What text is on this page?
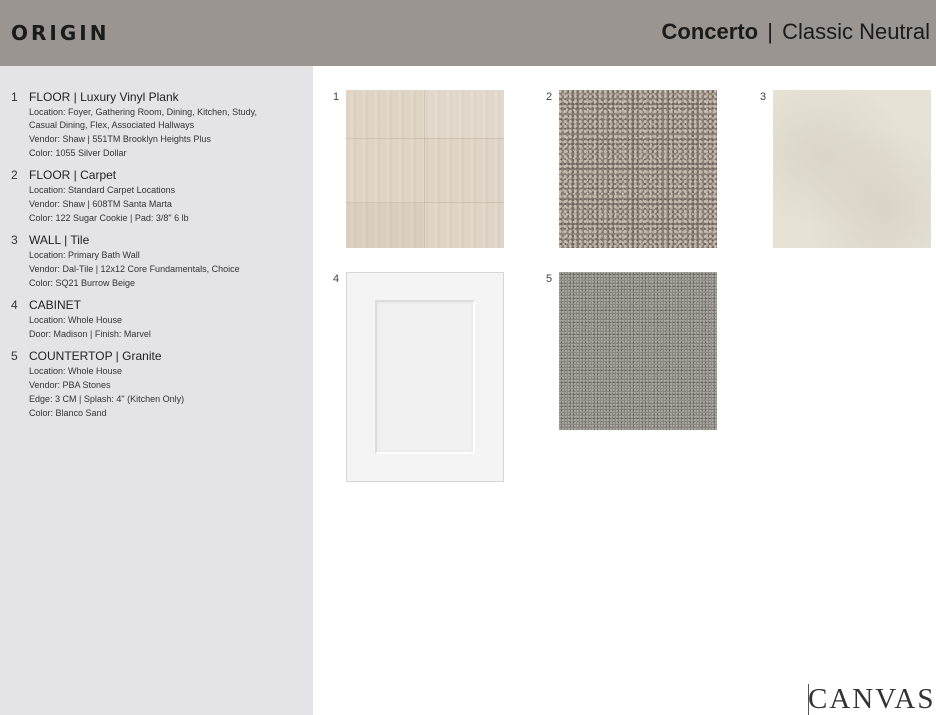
ORIGIN	Concerto | Classic Neutral
1 FLOOR | Luxury Vinyl Plank
Location: Foyer, Gathering Room, Dining, Kitchen, Study,
Casual Dining, Flex, Associated Hallways
Vendor: Shaw | 551TM Brooklyn Heights Plus
Color: 1055 Silver Dollar
2 FLOOR | Carpet
Location: Standard Carpet Locations
Vendor: Shaw | 608TM Santa Marta
Color: 122 Sugar Cookie | Pad: 3/8" 6 lb
3 WALL | Tile
Location: Primary Bath Wall
Vendor: Dal-Tile | 12x12 Core Fundamentals, Choice
Color: SQ21 Burrow Beige
4 CABINET
Location: Whole House
Door: Madison | Finish: Marvel
5 COUNTERTOP | Granite
Location: Whole House
Vendor: PBA Stones
Edge: 3 CM | Splash: 4" (Kitchen Only)
Color: Blanco Sand
1	2	3
4	5
CANVAS
